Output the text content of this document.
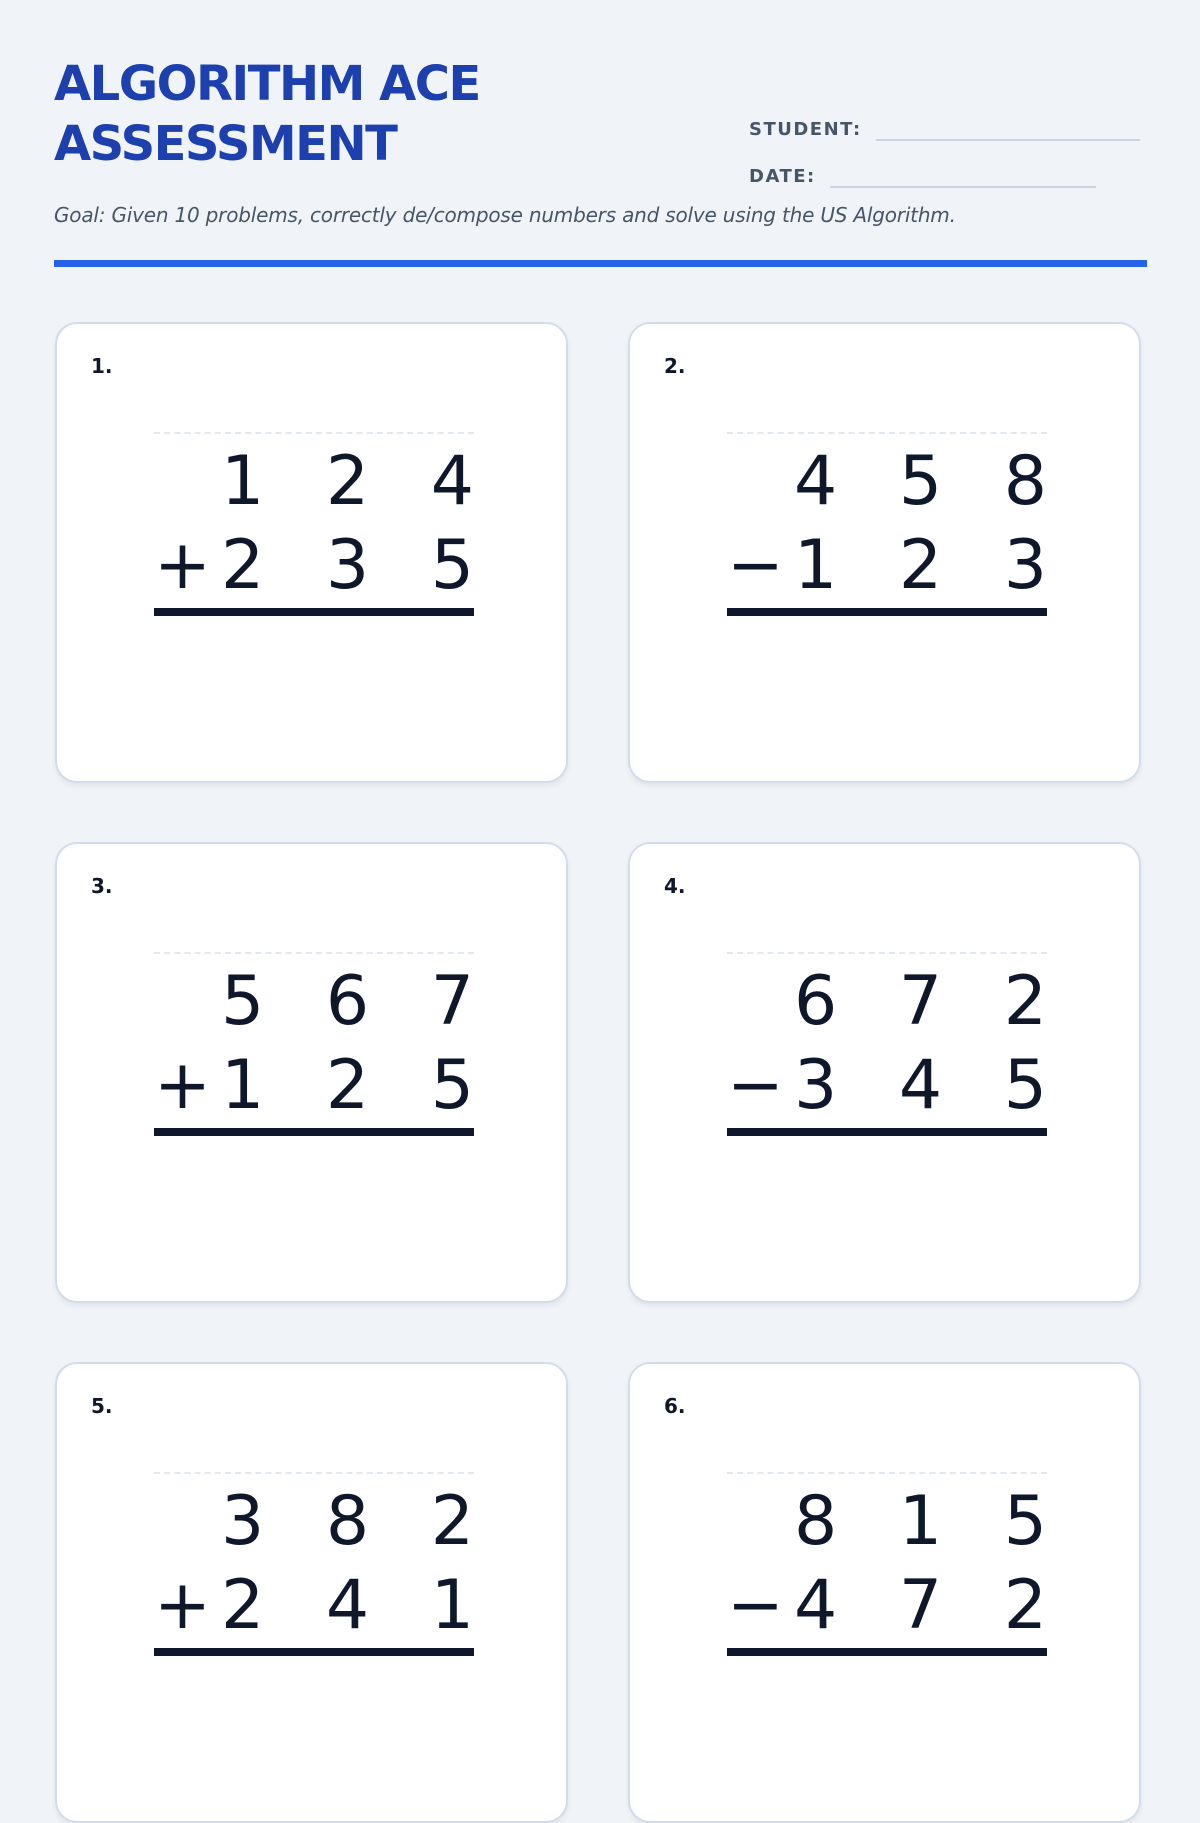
ALGORITHM ACE
ASSESSMENT	STUDENT:
DATE:
Goal: Given 10 problems, correctly de/compose numbers and solve using the US Algorithm.
1.
1 2 4
+ 2 3 5
2.
4 5 8
− 1 2 3
3.
5 6 7
+ 1 2 5
4.
6 7 2
− 3 4 5
5.
3 8 2
+ 2 4 1
6.
8 1 5
− 4 7 2
